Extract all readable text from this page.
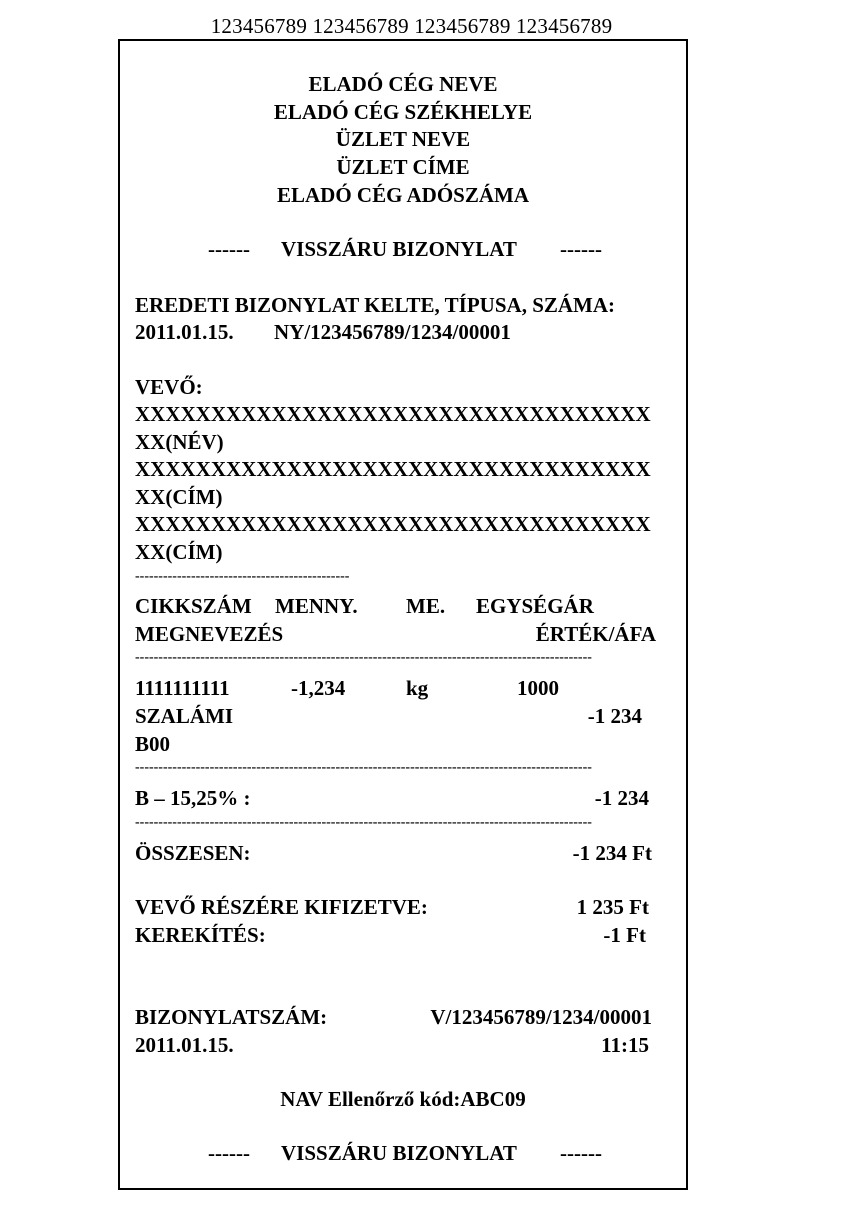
123456789 123456789 123456789 123456789
ELADÓ CÉG NEVE
ELADÓ CÉG SZÉKHELYE
ÜZLET NEVE
ÜZLET CÍME
ELADÓ CÉG ADÓSZÁMA
------ VISSZÁRU BIZONYLAT ------
EREDETI BIZONYLAT KELTE, TÍPUSA, SZÁMA:
2011.01.15. NY/123456789/1234/00001
VEVŐ:
XXXXXXXXXXXXXXXXXXXXXXXXXXXXXXXXXX
XX(NÉV)
XXXXXXXXXXXXXXXXXXXXXXXXXXXXXXXXXX
XX(CÍM)
XXXXXXXXXXXXXXXXXXXXXXXXXXXXXXXXXX
XX(CÍM)
----------------------------------------------
CIKKSZÁM MENNY. ME. EGYSÉGÁR
MEGNEVEZÉS	ÉRTÉK/ÁFA
--------------------------------------------------------------------------------------------------
1111111111	-1,234	kg	1000
SZALÁMI	-1 234
B00
--------------------------------------------------------------------------------------------------
B – 15,25% :	-1 234
--------------------------------------------------------------------------------------------------
ÖSSZESEN:	-1 234 Ft
VEVŐ RÉSZÉRE KIFIZETVE:	1 235 Ft
KEREKÍTÉS:	-1 Ft
BIZONYLATSZÁM:	V/123456789/1234/00001
2011.01.15.	11:15
NAV Ellenőrző kód:ABC09
------ VISSZÁRU BIZONYLAT ------
